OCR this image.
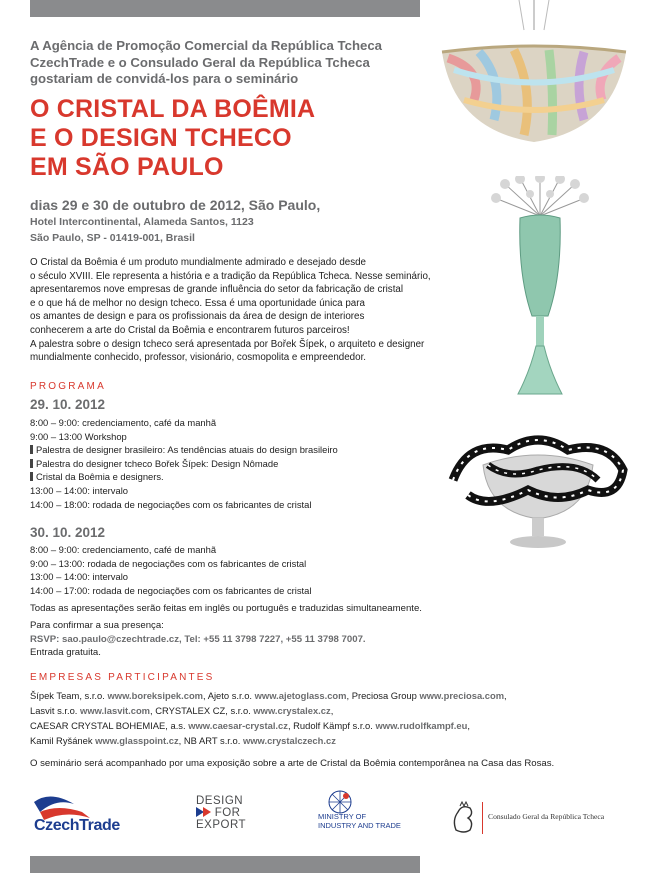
A Agência de Promoção Comercial da República Tcheca
CzechTrade e o Consulado Geral da República Tcheca
gostariam de convidá-los para o seminário
O CRISTAL DA BOÊMIA
E O DESIGN TCHECO
EM SÃO PAULO
dias 29 e 30 de outubro de 2012, São Paulo,
Hotel Intercontinental, Alameda Santos, 1123
São Paulo, SP - 01419-001, Brasil
O Cristal da Boêmia é um produto mundialmente admirado e desejado desde
o século XVIII. Ele representa a história e a tradição da República Tcheca. Nesse seminário,
apresentaremos nove empresas de grande influência do setor da fabricação de cristal
e o que há de melhor no design tcheco. Essa é uma oportunidade única para
os amantes de design e para os profissionais da área de design de interiores
conhecerem a arte do Cristal da Boêmia e encontrarem futuros parceiros!
A palestra sobre o design tcheco será apresentada por Bořek Šípek, o arquiteto e designer
mundialmente conhecido, professor, visionário, cosmopolita e empreendedor.
PROGRAMA
29. 10. 2012
8:00 – 9:00: credenciamento, café da manhã
9:00 – 13:00 Workshop
Palestra de designer brasileiro: As tendências atuais do design brasileiro
Palestra do designer tcheco Bořek Šípek: Design Nômade
Cristal da Boêmia e designers.
13:00 – 14:00: intervalo
14:00 – 18:00: rodada de negociações com os fabricantes de cristal
30. 10. 2012
8:00 – 9:00: credenciamento, café de manhã
9:00 – 13:00: rodada de negociações com os fabricantes de cristal
13:00 – 14:00: intervalo
14:00 – 17:00: rodada de negociações com os fabricantes de cristal
Todas as apresentações serão feitas em inglês ou português e traduzidas simultaneamente.
Para confirmar a sua presença:
RSVP: sao.paulo@czechtrade.cz, Tel: +55 11 3798 7227, +55 11 3798 7007.
Entrada gratuita.
EMPRESAS PARTICIPANTES
Šípek Team, s.r.o. www.boreksipek.com, Ajeto s.r.o. www.ajetoglass.com, Preciosa Group www.preciosa.com,
Lasvit s.r.o. www.lasvit.com, CRYSTALEX CZ, s.r.o. www.crystalex.cz,
CAESAR CRYSTAL BOHEMIAE, a.s. www.caesar-crystal.cz, Rudolf Kämpf s.r.o. www.rudolfkampf.eu,
Kamil Ryšánek www.glasspoint.cz, NB ART s.r.o. www.crystalczech.cz
O seminário será acompanhado por uma exposição sobre a arte de Cristal da Boêmia contemporânea na Casa das Rosas.
CzechTrade
DESIGN
FOR
EXPORT
MINISTRY OF
INDUSTRY AND TRADE
Consulado Geral da República Tcheca
